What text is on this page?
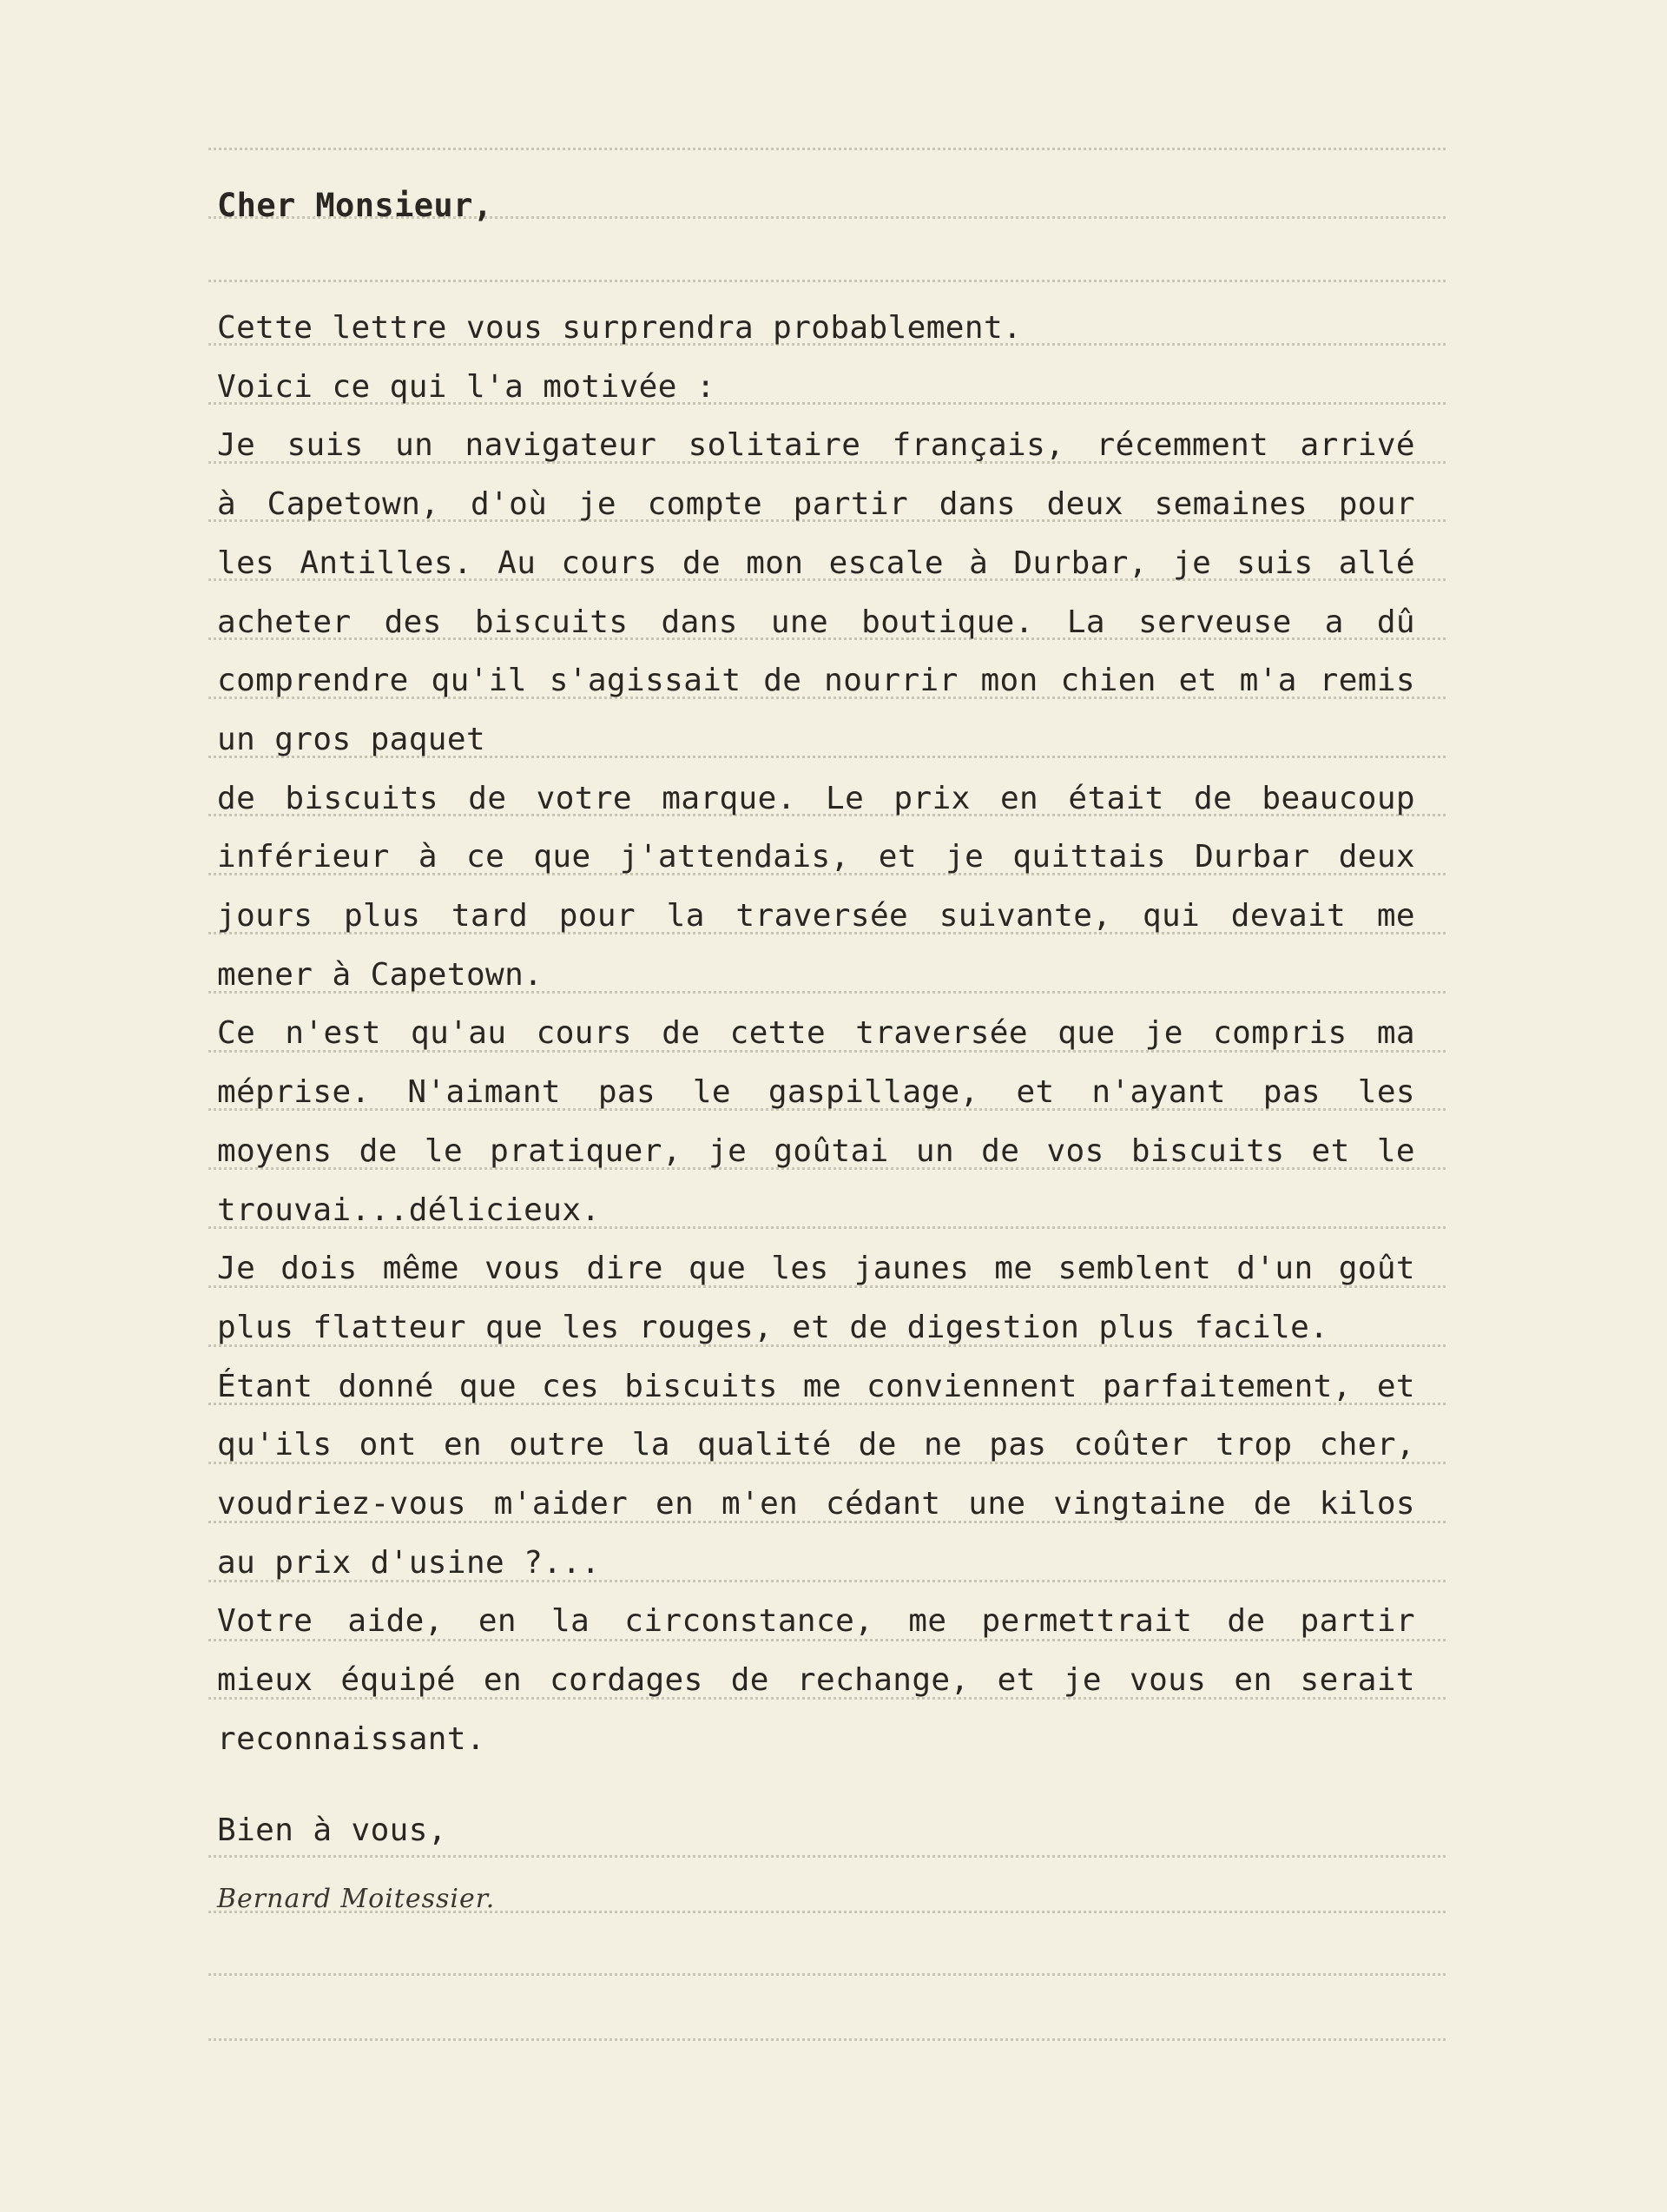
Cher Monsieur,
Cette lettre vous surprendra probablement.
Voici ce qui l'a motivée :
Je suis un navigateur solitaire français, récemment arrivé
à Capetown, d'où je compte partir dans deux semaines pour
les Antilles. Au cours de mon escale à Durbar, je suis allé
acheter des biscuits dans une boutique. La serveuse a dû
comprendre qu'il s'agissait de nourrir mon chien et m'a remis
un gros paquet
de biscuits de votre marque. Le prix en était de beaucoup
inférieur à ce que j'attendais, et je quittais Durbar deux
jours plus tard pour la traversée suivante, qui devait me
mener à Capetown.
Ce n'est qu'au cours de cette traversée que je compris ma
méprise. N'aimant pas le gaspillage, et n'ayant pas les
moyens de le pratiquer, je goûtai un de vos biscuits et le
trouvai...délicieux.
Je dois même vous dire que les jaunes me semblent d'un goût
plus flatteur que les rouges, et de digestion plus facile.
Étant donné que ces biscuits me conviennent parfaitement, et
qu'ils ont en outre la qualité de ne pas coûter trop cher,
voudriez-vous m'aider en m'en cédant une vingtaine de kilos
au prix d'usine ?...
Votre aide, en la circonstance, me permettrait de partir
mieux équipé en cordages de rechange, et je vous en serait
reconnaissant.
Bien à vous,
Bernard Moitessier.
